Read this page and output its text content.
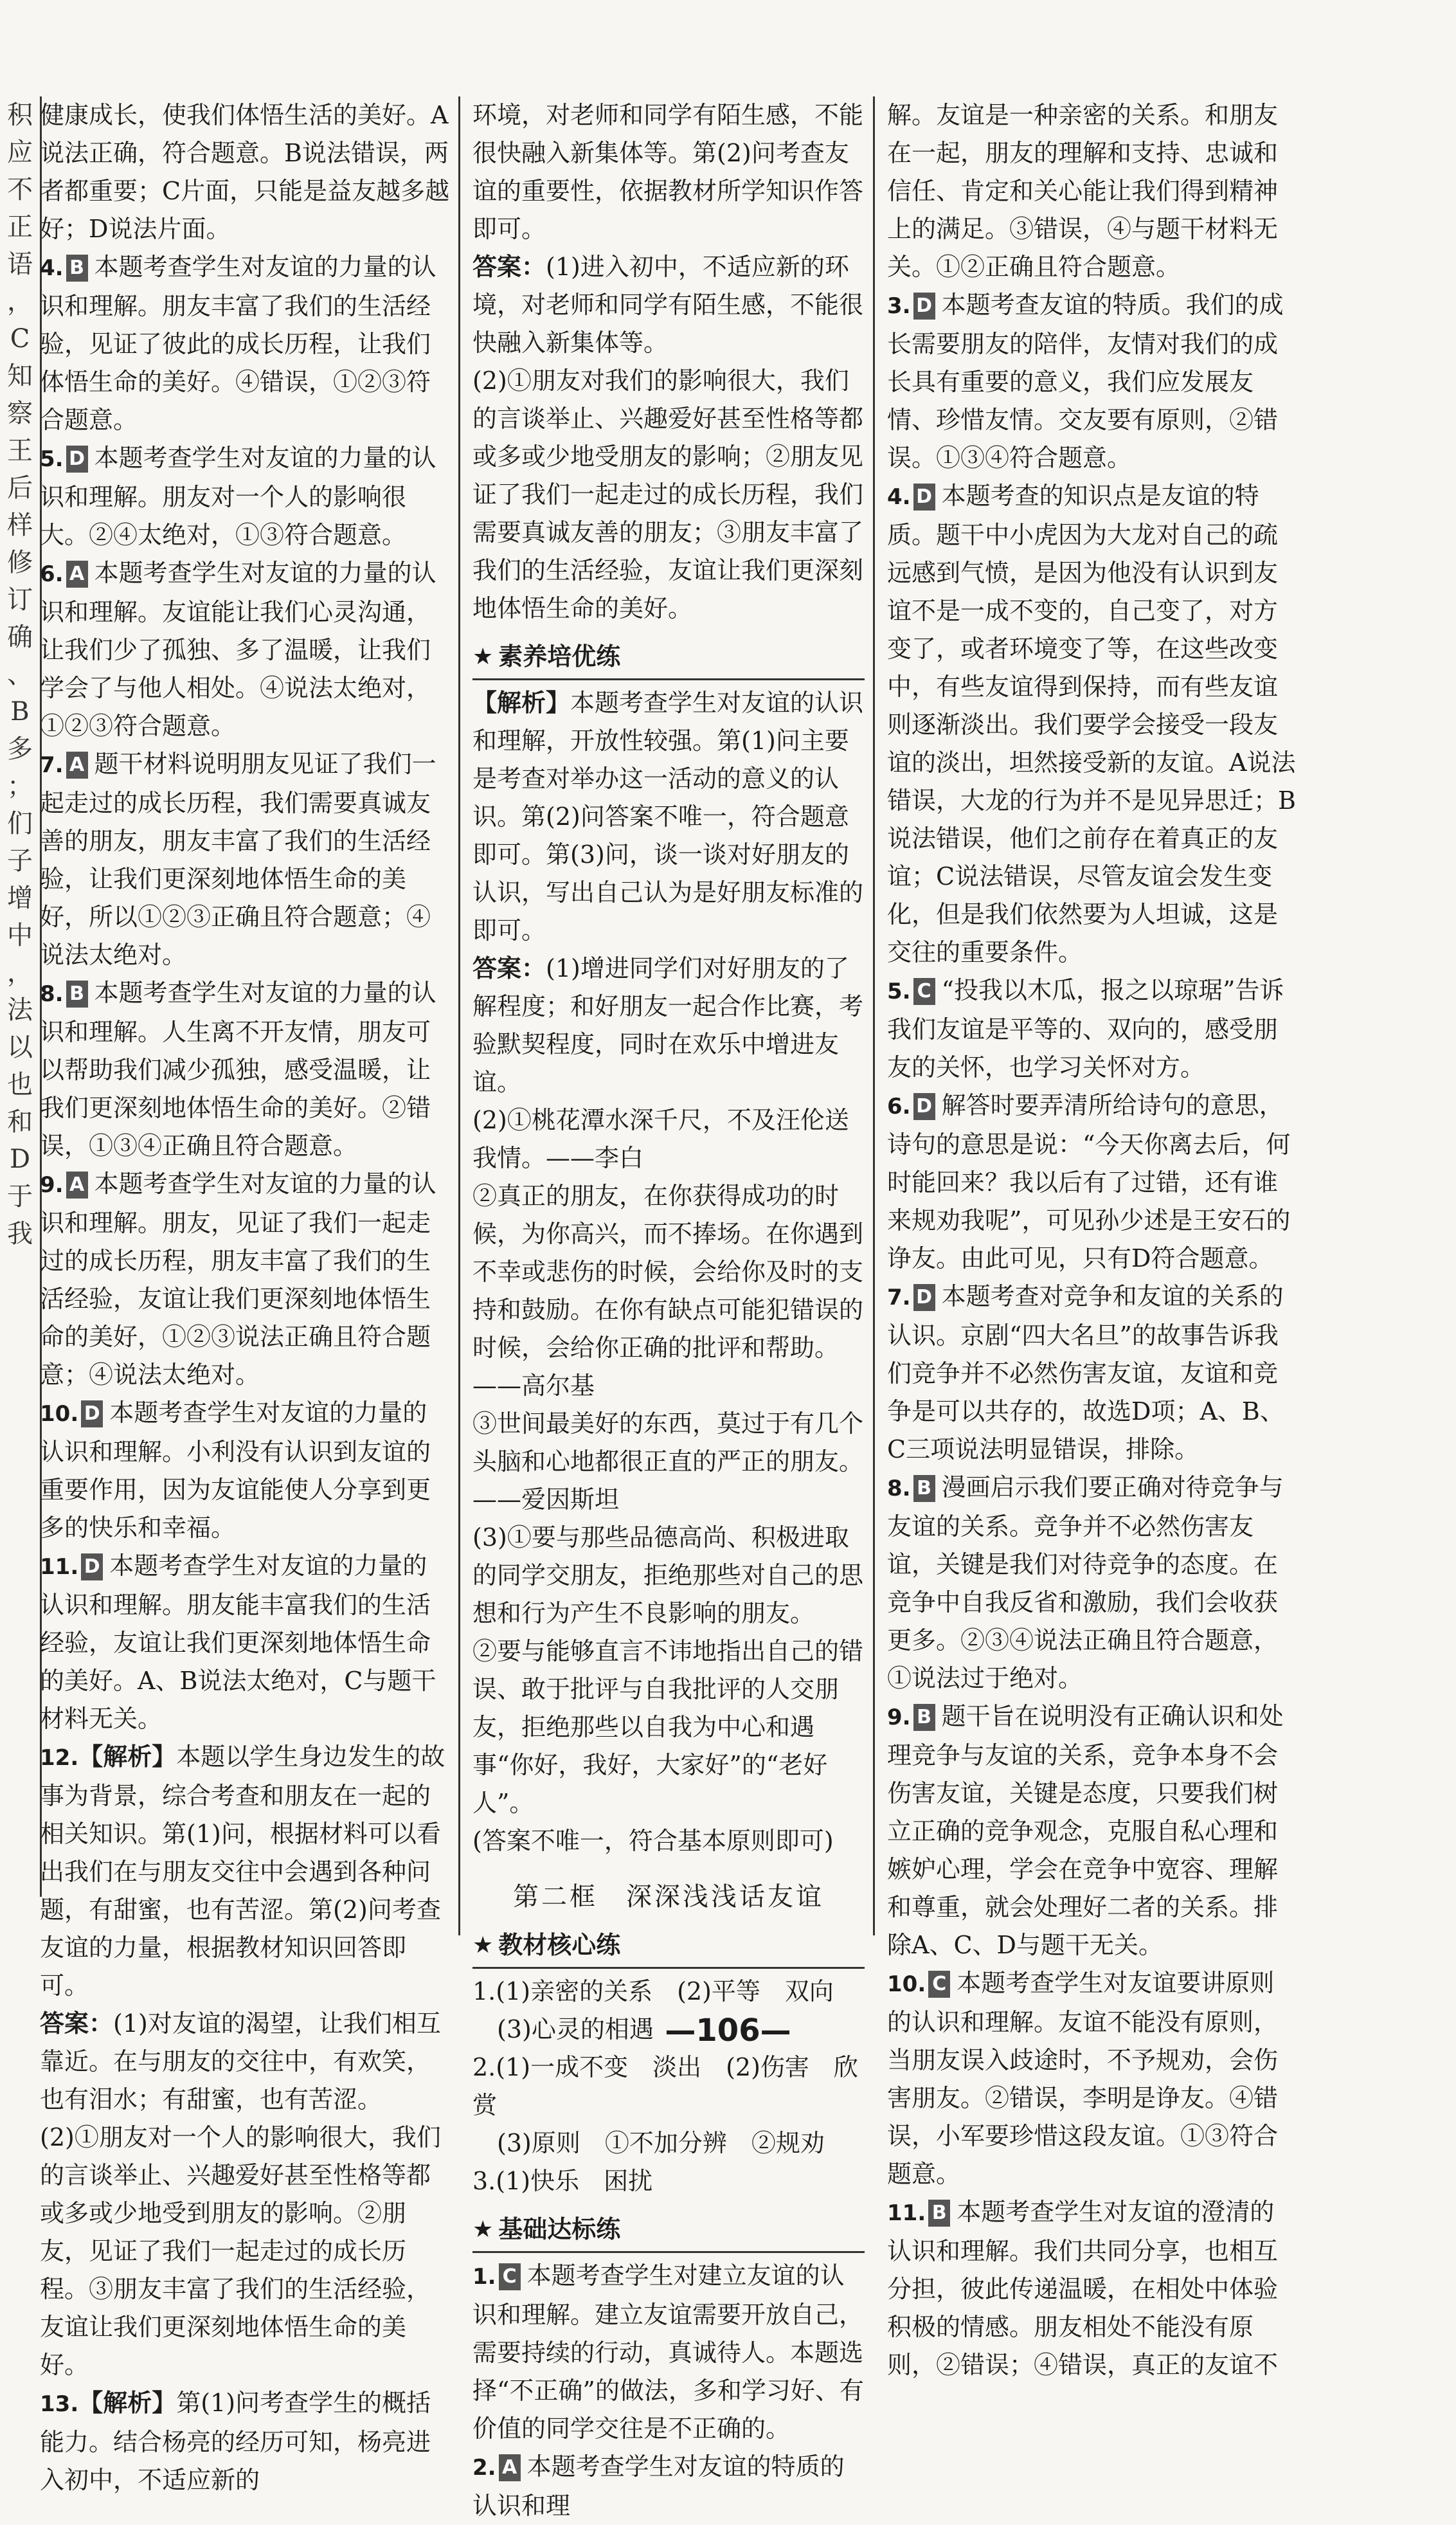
积
应
不
正
语
，
C
知
察
王
后
样
修
订
确
、
B
多
；
们
子
增
中
，
法
以
也
和
D
于
我

健康成长，使我们体悟生活的美好。A说法正确，符合题意。B说法错误，两者都重要；C片面，只能是益友越多越好；D说法片面。

4. B 本题考查学生对友谊的力量的认识和理解。朋友丰富了我们的生活经验，见证了彼此的成长历程，让我们体悟生命的美好。④错误，①②③符合题意。

5. D 本题考查学生对友谊的力量的认识和理解。朋友对一个人的影响很大。②④太绝对，①③符合题意。

6. A 本题考查学生对友谊的力量的认识和理解。友谊能让我们心灵沟通，让我们少了孤独、多了温暖，让我们学会了与他人相处。④说法太绝对，①②③符合题意。

7. A 题干材料说明朋友见证了我们一起走过的成长历程，我们需要真诚友善的朋友，朋友丰富了我们的生活经验，让我们更深刻地体悟生命的美好，所以①②③正确且符合题意；④说法太绝对。

8. B 本题考查学生对友谊的力量的认识和理解。人生离不开友情，朋友可以帮助我们减少孤独，感受温暖，让我们更深刻地体悟生命的美好。②错误，①③④正确且符合题意。

9. A 本题考查学生对友谊的力量的认识和理解。朋友，见证了我们一起走过的成长历程，朋友丰富了我们的生活经验，友谊让我们更深刻地体悟生命的美好，①②③说法正确且符合题意；④说法太绝对。

10. D 本题考查学生对友谊的力量的认识和理解。小利没有认识到友谊的重要作用，因为友谊能使人分享到更多的快乐和幸福。

11. D 本题考查学生对友谊的力量的认识和理解。朋友能丰富我们的生活经验，友谊让我们更深刻地体悟生命的美好。A、B说法太绝对，C与题干材料无关。

12.【解析】本题以学生身边发生的故事为背景，综合考查和朋友在一起的相关知识。第(1)问，根据材料可以看出我们在与朋友交往中会遇到各种问题，有甜蜜，也有苦涩。第(2)问考查友谊的力量，根据教材知识回答即可。

答案：(1)对友谊的渴望，让我们相互靠近。在与朋友的交往中，有欢笑，也有泪水；有甜蜜，也有苦涩。

(2)①朋友对一个人的影响很大，我们的言谈举止、兴趣爱好甚至性格等都或多或少地受到朋友的影响。②朋友，见证了我们一起走过的成长历程。③朋友丰富了我们的生活经验，友谊让我们更深刻地体悟生命的美好。

13.【解析】第(1)问考查学生的概括能力。结合杨亮的经历可知，杨亮进入初中，不适应新的

环境，对老师和同学有陌生感，不能很快融入新集体等。第(2)问考查友谊的重要性，依据教材所学知识作答即可。

答案：(1)进入初中，不适应新的环境，对老师和同学有陌生感，不能很快融入新集体等。

(2)①朋友对我们的影响很大，我们的言谈举止、兴趣爱好甚至性格等都或多或少地受朋友的影响；②朋友见证了我们一起走过的成长历程，我们需要真诚友善的朋友；③朋友丰富了我们的生活经验，友谊让我们更深刻地体悟生命的美好。

★ 素养培优练

【解析】本题考查学生对友谊的认识和理解，开放性较强。第(1)问主要是考查对举办这一活动的意义的认识。第(2)问答案不唯一，符合题意即可。第(3)问，谈一谈对好朋友的认识，写出自己认为是好朋友标准的即可。

答案：(1)增进同学们对好朋友的了解程度；和好朋友一起合作比赛，考验默契程度，同时在欢乐中增进友谊。

(2)①桃花潭水深千尺，不及汪伦送我情。——李白

②真正的朋友，在你获得成功的时候，为你高兴，而不捧场。在你遇到不幸或悲伤的时候，会给你及时的支持和鼓励。在你有缺点可能犯错误的时候，会给你正确的批评和帮助。——高尔基

③世间最美好的东西，莫过于有几个头脑和心地都很正直的严正的朋友。——爱因斯坦

(3)①要与那些品德高尚、积极进取的同学交朋友，拒绝那些对自己的思想和行为产生不良影响的朋友。

②要与能够直言不讳地指出自己的错误、敢于批评与自我批评的人交朋友，拒绝那些以自我为中心和遇事“你好，我好，大家好”的“老好人”。

(答案不唯一，符合基本原则即可)

第二框　深深浅浅话友谊
★ 教材核心练

1.(1)亲密的关系　(2)平等　双向

　(3)心灵的相遇

2.(1)一成不变　淡出　(2)伤害　欣赏

　(3)原则　①不加分辨　②规劝

3.(1)快乐　困扰

★ 基础达标练

1. C 本题考查学生对建立友谊的认识和理解。建立友谊需要开放自己，需要持续的行动，真诚待人。本题选择“不正确”的做法，多和学习好、有价值的同学交往是不正确的。

2. A 本题考查学生对友谊的特质的认识和理

解。友谊是一种亲密的关系。和朋友在一起，朋友的理解和支持、忠诚和信任、肯定和关心能让我们得到精神上的满足。③错误，④与题干材料无关。①②正确且符合题意。

3. D 本题考查友谊的特质。我们的成长需要朋友的陪伴，友情对我们的成长具有重要的意义，我们应发展友情、珍惜友情。交友要有原则，②错误。①③④符合题意。

4. D 本题考查的知识点是友谊的特质。题干中小虎因为大龙对自己的疏远感到气愤，是因为他没有认识到友谊不是一成不变的，自己变了，对方变了，或者环境变了等，在这些改变中，有些友谊得到保持，而有些友谊则逐渐淡出。我们要学会接受一段友谊的淡出，坦然接受新的友谊。A说法错误，大龙的行为并不是见异思迁；B说法错误，他们之前存在着真正的友谊；C说法错误，尽管友谊会发生变化，但是我们依然要为人坦诚，这是交往的重要条件。

5. C “投我以木瓜，报之以琼琚”告诉我们友谊是平等的、双向的，感受朋友的关怀，也学习关怀对方。

6. D 解答时要弄清所给诗句的意思，诗句的意思是说：“今天你离去后，何时能回来？我以后有了过错，还有谁来规劝我呢”，可见孙少述是王安石的诤友。由此可见，只有D符合题意。

7. D 本题考查对竞争和友谊的关系的认识。京剧“四大名旦”的故事告诉我们竞争并不必然伤害友谊，友谊和竞争是可以共存的，故选D项；A、B、C三项说法明显错误，排除。

8. B 漫画启示我们要正确对待竞争与友谊的关系。竞争并不必然伤害友谊，关键是我们对待竞争的态度。在竞争中自我反省和激励，我们会收获更多。②③④说法正确且符合题意，①说法过于绝对。

9. B 题干旨在说明没有正确认识和处理竞争与友谊的关系，竞争本身不会伤害友谊，关键是态度，只要我们树立正确的竞争观念，克服自私心理和嫉妒心理，学会在竞争中宽容、理解和尊重，就会处理好二者的关系。排除A、C、D与题干无关。

10. C 本题考查学生对友谊要讲原则的认识和理解。友谊不能没有原则，当朋友误入歧途时，不予规劝，会伤害朋友。②错误，李明是诤友。④错误，小军要珍惜这段友谊。①③符合题意。

11. B 本题考查学生对友谊的澄清的认识和理解。我们共同分享，也相互分担，彼此传递温暖，在相处中体验积极的情感。朋友相处不能没有原则，②错误；④错误，真正的友谊不

—106—
